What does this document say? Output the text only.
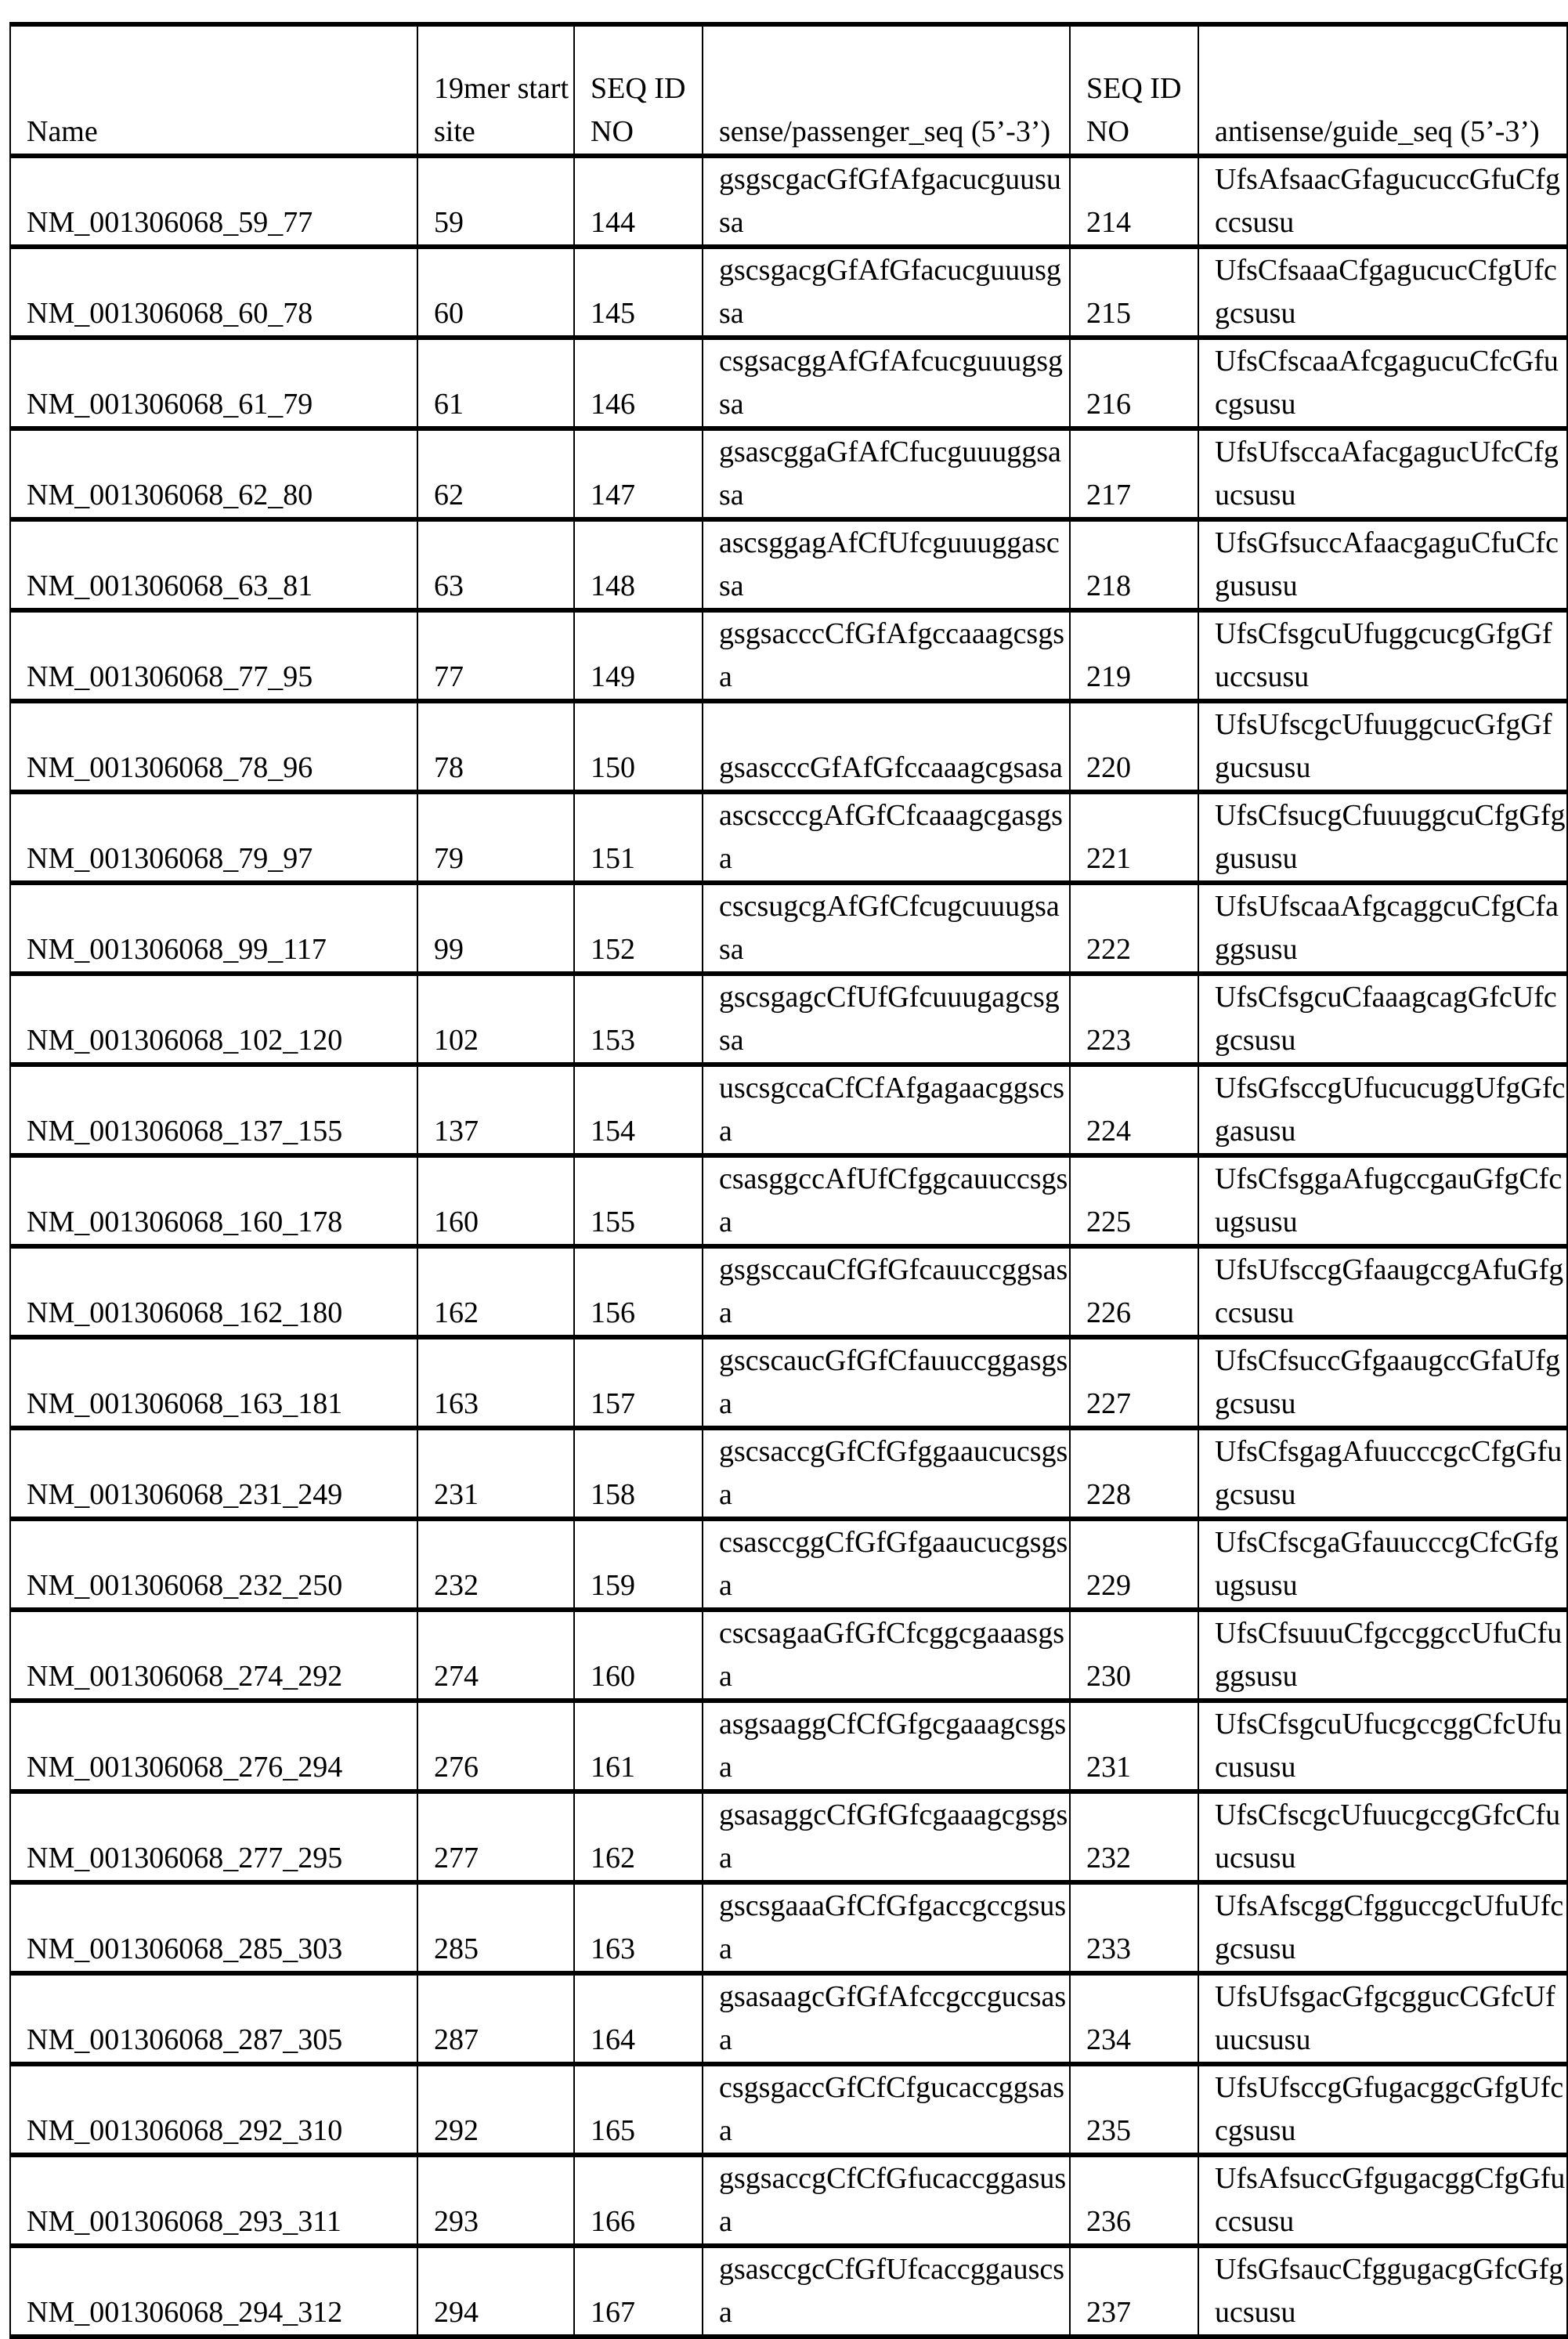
Name	19mer start site	SEQ ID NO	sense/passenger_seq (5’-3’)	SEQ ID NO	antisense/guide_seq (5’-3’)

NM_001306068_59_77	59	144	gsgscgacGfGfAfgacucguususa	214	UfsAfsaacGfagucuccGfuCfgccsusu

NM_001306068_60_78	60	145	gscsgacgGfAfGfacucguuusgsa	215	UfsCfsaaaCfgagucucCfgUfcgcsusu

NM_001306068_61_79	61	146	csgsacggAfGfAfcucguuugsgsa	216	UfsCfscaaAfcgagucuCfcGfucgsusu

NM_001306068_62_80	62	147	gsascggaGfAfCfucguuuggsasa	217	UfsUfsccaAfacgagucUfcCfgucsusu

NM_001306068_63_81	63	148	ascsggagAfCfUfcguuuggascsa	218	UfsGfsuccAfaacgaguCfuCfcgususu

NM_001306068_77_95	77	149	gsgsacccCfGfAfgccaaagcsgsa	219	UfsCfsgcuUfuggcucgGfgGfuccsusu

NM_001306068_78_96	78	150	gsascccGfAfGfccaaagcgsasa	220	UfsUfscgcUfuuggcucGfgGfgucsusu

NM_001306068_79_97	79	151	ascscccgAfGfCfcaaagcgasgsa	221	UfsCfsucgCfuuuggcuCfgGfggususu

NM_001306068_99_117	99	152	cscsugcgAfGfCfcugcuuugsasa	222	UfsUfscaaAfgcaggcuCfgCfaggsusu

NM_001306068_102_120	102	153	gscsgagcCfUfGfcuuugagcsgsa	223	UfsCfsgcuCfaaagcagGfcUfcgcsusu

NM_001306068_137_155	137	154	uscsgccaCfCfAfgagaacggscsa	224	UfsGfsccgUfucucuggUfgGfcgasusu

NM_001306068_160_178	160	155	csasggccAfUfCfggcauuccsgsa	225	UfsCfsggaAfugccgauGfgCfcugsusu

NM_001306068_162_180	162	156	gsgsccauCfGfGfcauuccggsasa	226	UfsUfsccgGfaaugccgAfuGfgccsusu

NM_001306068_163_181	163	157	gscscaucGfGfCfauuccggasgsa	227	UfsCfsuccGfgaaugccGfaUfggcsusu

NM_001306068_231_249	231	158	gscsaccgGfCfGfggaaucucsgsa	228	UfsCfsgagAfuucccgcCfgGfugcsusu

NM_001306068_232_250	232	159	csasccggCfGfGfgaaucucgsgsa	229	UfsCfscgaGfauucccgCfcGfgugsusu

NM_001306068_274_292	274	160	cscsagaaGfGfCfcggcgaaasgsa	230	UfsCfsuuuCfgccggccUfuCfuggsusu

NM_001306068_276_294	276	161	asgsaaggCfCfGfgcgaaagcsgsa	231	UfsCfsgcuUfucgccggCfcUfucususu

NM_001306068_277_295	277	162	gsasaggcCfGfGfcgaaagcgsgsa	232	UfsCfscgcUfuucgccgGfcCfuucsusu

NM_001306068_285_303	285	163	gscsgaaaGfCfGfgaccgccgsusa	233	UfsAfscggCfgguccgcUfuUfcgcsusu

NM_001306068_287_305	287	164	gsasaagcGfGfAfccgccgucsasa	234	UfsUfsgacGfgcggucCGfcUfuucsusu

NM_001306068_292_310	292	165	csgsgaccGfCfCfgucaccggsasa	235	UfsUfsccgGfugacggcGfgUfccgsusu

NM_001306068_293_311	293	166	gsgsaccgCfCfGfucaccggasusa	236	UfsAfsuccGfgugacggCfgGfuccsusu

NM_001306068_294_312	294	167	gsasccgcCfGfUfcaccggauscsa	237	UfsGfsaucCfggugacgGfcGfgucsusu
